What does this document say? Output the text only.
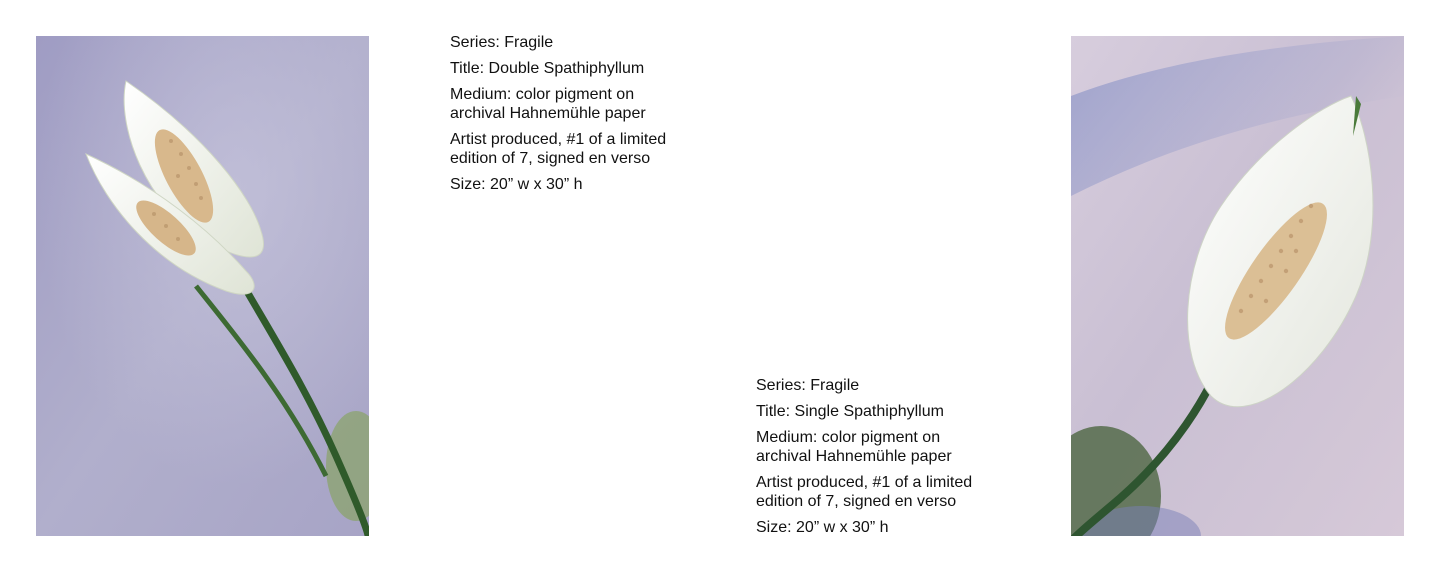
Series: Fragile

Title: Double Spathiphyllum

Medium: color pigment on archival Hahnemühle paper

Artist produced, #1 of a limited edition of 7, signed en verso

Size: 20” w x 30” h

Series: Fragile

Title: Single Spathiphyllum

Medium: color pigment on archival Hahnemühle paper

Artist produced, #1 of a limited edition of 7, signed en verso

Size: 20” w x 30” h
